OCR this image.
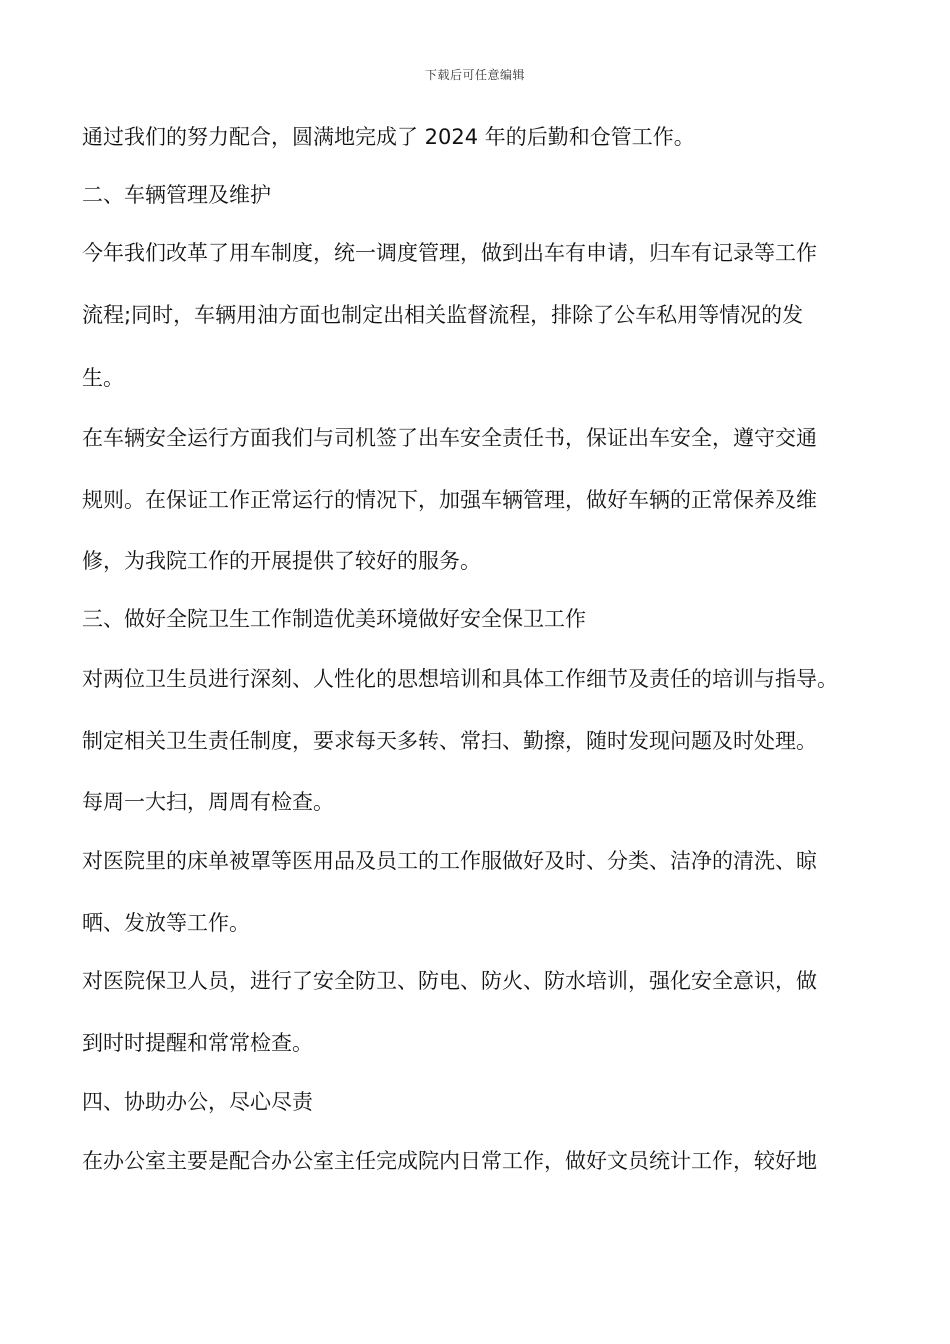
下载后可任意编辑
通过我们的努力配合，圆满地完成了 2024 年的后勤和仓管工作。
二、车辆管理及维护
今年我们改革了用车制度，统一调度管理，做到出车有申请，归车有记录等工作
流程;同时，车辆用油方面也制定出相关监督流程，排除了公车私用等情况的发
生。
在车辆安全运行方面我们与司机签了出车安全责任书，保证出车安全，遵守交通
规则。在保证工作正常运行的情况下，加强车辆管理，做好车辆的正常保养及维
修，为我院工作的开展提供了较好的服务。
三、做好全院卫生工作制造优美环境做好安全保卫工作
对两位卫生员进行深刻、人性化的思想培训和具体工作细节及责任的培训与指导。
制定相关卫生责任制度，要求每天多转、常扫、勤擦，随时发现问题及时处理。
每周一大扫，周周有检查。
对医院里的床单被罩等医用品及员工的工作服做好及时、分类、洁净的清洗、晾
晒、发放等工作。
对医院保卫人员，进行了安全防卫、防电、防火、防水培训，强化安全意识，做
到时时提醒和常常检查。
四、协助办公，尽心尽责
在办公室主要是配合办公室主任完成院内日常工作，做好文员统计工作，较好地
